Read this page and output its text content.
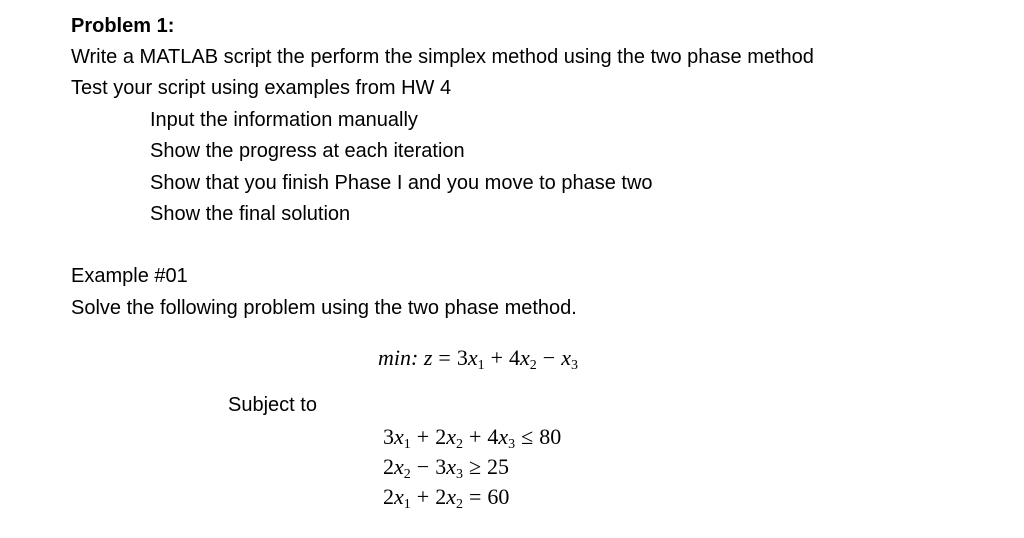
Problem 1:
Write a MATLAB script the perform the simplex method using the two phase method
Test your script using examples from HW 4
Input the information manually
Show the progress at each iteration
Show that you finish Phase I and you move to phase two
Show the final solution
Example #01
Solve the following problem using the two phase method.
min: $z = 3x_1 + 4x_2 - x_3$
Subject to
$3x_1 + 2x_2 + 4x_3 \le 80$
$2x_2 - 3x_3 \ge 25$
$2x_1 + 2x_2 = 60$
